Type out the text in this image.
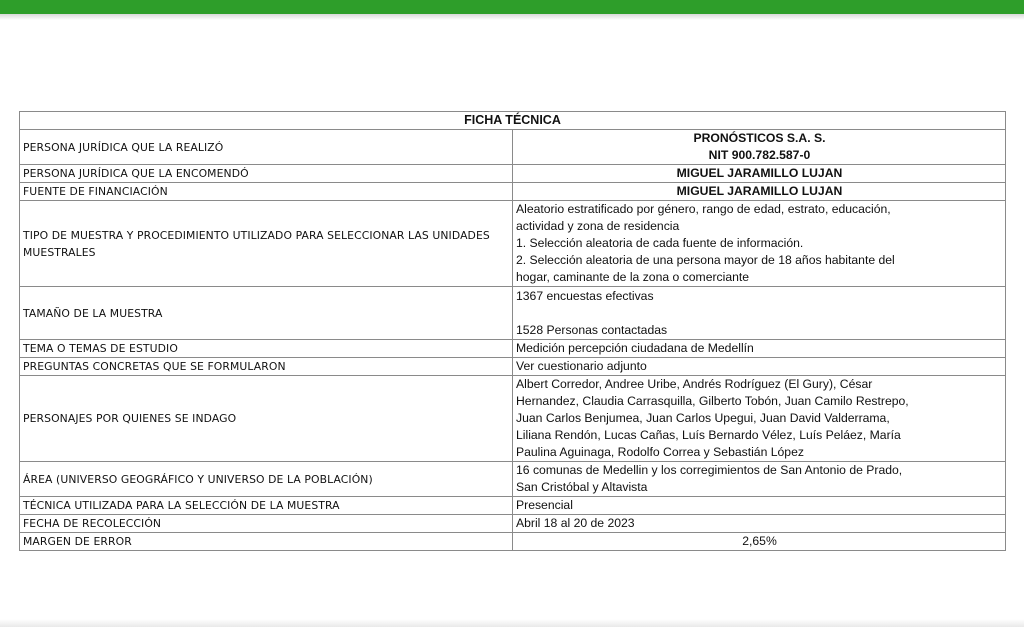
FICHA TÉCNICA	
PERSONA JURÍDICA QUE LA REALIZÓ	PRONÓSTICOS S.A. S.
NIT 900.782.587-0

PERSONA JURÍDICA QUE LA ENCOMENDÓ	MIGUEL JARAMILLO LUJAN

FUENTE DE FINANCIACIÓN	MIGUEL JARAMILLO LUJAN

TIPO DE MUESTRA Y PROCEDIMIENTO UTILIZADO PARA SELECCIONAR LAS UNIDADES MUESTRALES	Aleatorio estratificado por género, rango de edad, estrato, educación,
actividad y zona de residencia
1. Selección aleatoria de cada fuente de información.
2. Selección aleatoria de una persona mayor de 18 años habitante del
hogar, caminante de la zona o comerciante

TAMAÑO DE LA MUESTRA	1367 encuestas efectivas
1528 Personas contactadas

TEMA O TEMAS DE ESTUDIO	Medición percepción ciudadana de Medellín

PREGUNTAS CONCRETAS QUE SE FORMULARON	Ver cuestionario adjunto

PERSONAJES POR QUIENES SE INDAGO	Albert Corredor, Andree Uribe, Andrés Rodríguez (El Gury), César
Hernandez, Claudia Carrasquilla, Gilberto Tobón, Juan Camilo Restrepo,
Juan Carlos Benjumea, Juan Carlos Upegui, Juan David Valderrama,
Liliana Rendón, Lucas Cañas, Luís Bernardo Vélez, Luís Peláez, María
Paulina Aguinaga, Rodolfo Correa y Sebastián López

ÁREA (UNIVERSO GEOGRÁFICO Y UNIVERSO DE LA POBLACIÓN)	16 comunas de Medellin y los corregimientos de San Antonio de Prado,
San Cristóbal y Altavista

TÉCNICA UTILIZADA PARA LA SELECCIÓN DE LA MUESTRA	Presencial

FECHA DE RECOLECCIÓN	Abril 18 al 20 de 2023

MARGEN DE ERROR	2,65%
